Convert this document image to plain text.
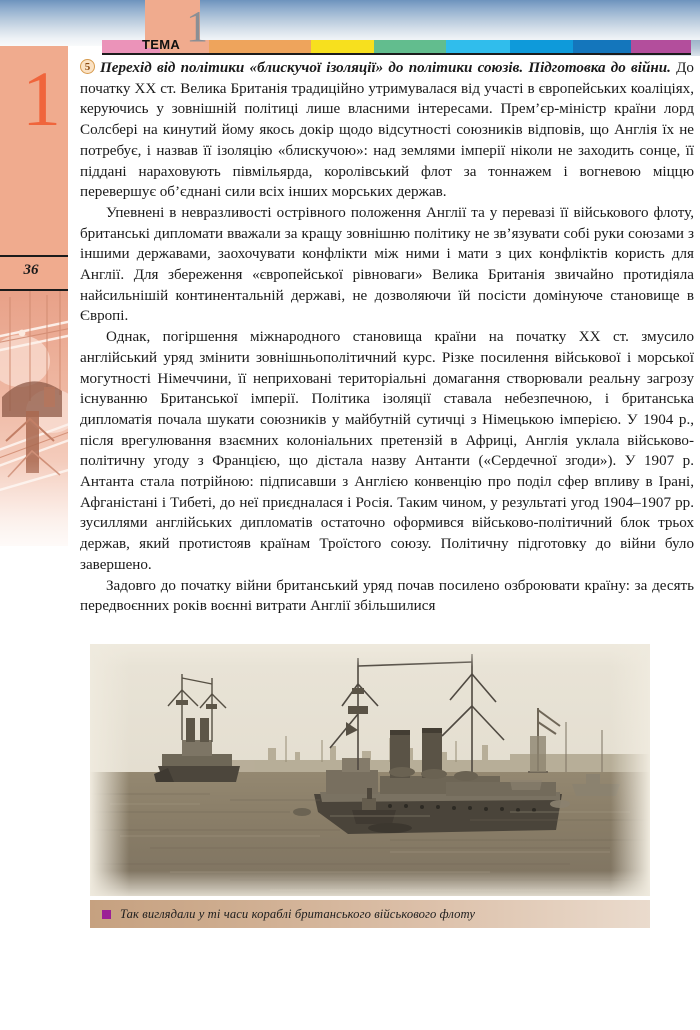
1
ТЕМА
1
36

5 Перехід від політики «блискучої ізоляції» до політики союзів. Підготовка до війни. До початку XX ст. Велика Британія традиційно утримувалася від участі в європейських коаліціях, керуючись у зовнішній політиці лише власними інтересами. Прем’єр-міністр країни лорд Солсбері на кинутий йому якось докір щодо відсутності союзників відповів, що Англія їх не потребує, і назвав її ізоляцію «блискучою»: над землями імперії ніколи не заходить сонце, її піддані нараховують півмільярда, королівський флот за тоннажем і вогневою міццю перевершує об’єднані сили всіх інших морських держав.

Упевнені в невразливості острівного положення Англії та у перевазі її військового флоту, британські дипломати вважали за кращу зовнішню політику не зв’язувати собі руки союзами з іншими державами, заохочувати конфлікти між ними і мати з цих конфліктів користь для Англії. Для збереження «європейської рівноваги» Велика Британія звичайно протидіяла найсильнішій континентальній державі, не дозволяючи їй посісти домінуюче становище в Європі.

Однак, погіршення міжнародного становища країни на початку XX ст. змусило англійський уряд змінити зовнішньополітичний курс. Різке посилення військової і морської могутності Німеччини, її неприховані територіальні домагання створювали реальну загрозу існуванню Британської імперії. Політика ізоляції ставала небезпечною, і британська дипломатія почала шукати союзників у майбутній сутичці з Німецькою імперією. У 1904 р., після врегулювання взаємних колоніальних претензій в Африці, Англія уклала військово-політичну угоду з Францією, що дістала назву Антанти («Сердечної згоди»). У 1907 р. Антанта стала потрійною: підписавши з Англією конвенцію про поділ сфер впливу в Ірані, Афганістані і Тибеті, до неї приєдналася і Росія. Таким чином, у результаті угод 1904–1907 рр. зусиллями англійських дипломатів остаточно оформився військово-політичний блок трьох держав, який протистояв країнам Троїстого союзу. Політичну підготовку до війни було завершено.

Задовго до початку війни британський уряд почав посилено озброювати країну: за десять передвоєнних років воєнні витрати Англії збільшилися

Так виглядали у ті часи кораблі британського військового флоту
